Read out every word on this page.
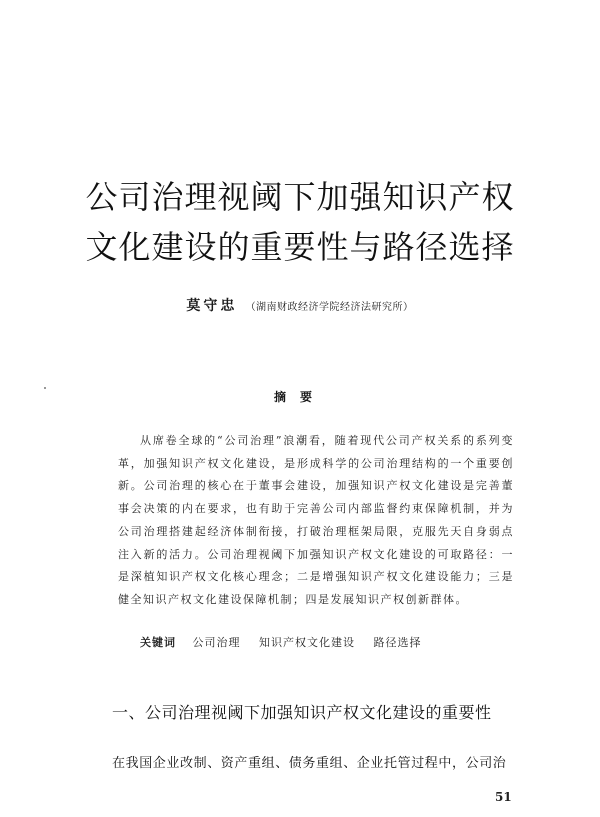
公司治理视阈下加强知识产权
文化建设的重要性与路径选择
莫守忠 （湖南财政经济学院经济法研究所）
摘要
从席卷全球的“公司治理”浪潮看，随着现代公司产权关系的系列变革，加强知识产权文化建设，是形成科学的公司治理结构的一个重要创新。公司治理的核心在于董事会建设，加强知识产权文化建设是完善董事会决策的内在要求，也有助于完善公司内部监督约束保障机制，并为公司治理搭建起经济体制衔接，打破治理框架局限，克服先天自身弱点注入新的活力。公司治理视阈下加强知识产权文化建设的可取路径：一是深植知识产权文化核心理念；二是增强知识产权文化建设能力；三是健全知识产权文化建设保障机制；四是发展知识产权创新群体。
关键词 公司治理 知识产权文化建设 路径选择
一、公司治理视阈下加强知识产权文化建设的重要性
在我国企业改制、资产重组、债务重组、企业托管过程中，公司治
51
